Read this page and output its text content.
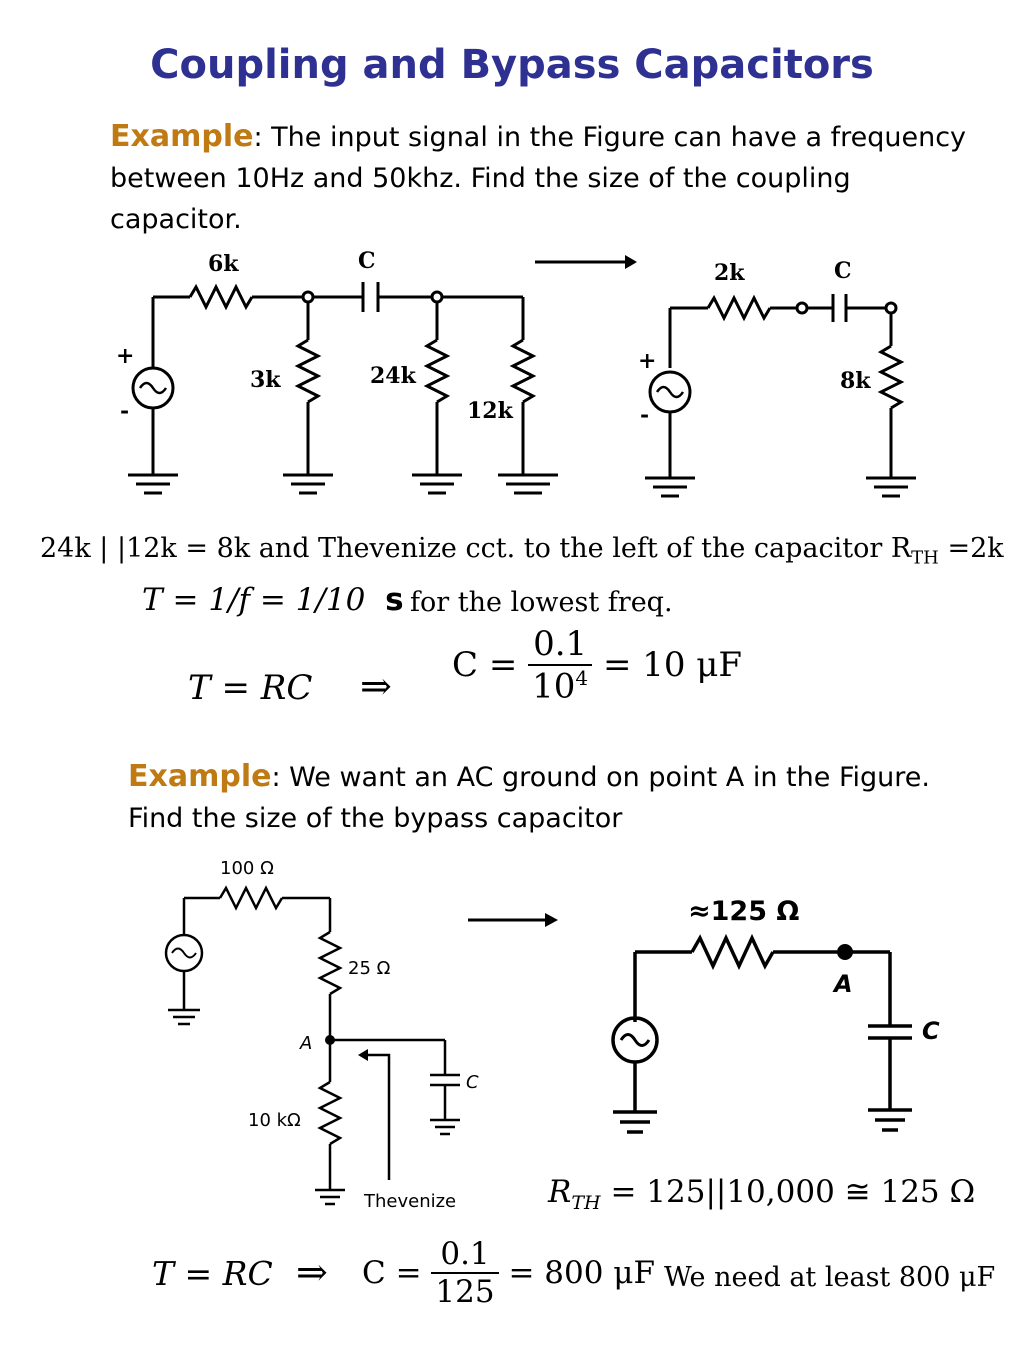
Coupling and Bypass Capacitors
Example: The input signal in the Figure can have a frequency between 10Hz and 50khz. Find the size of the coupling capacitor.
6k	C
3k	24k
12k
+
-
2k	C
8k
+
-
24k | |12k = 8k and Thevenize cct. to the left of the capacitor $R_{TH} =2k$
T = 1/f = 1/10 s for the lowest freq.
T = RC ⇒ $C = \frac{0.1}{10^4} = 10$ μF
Example: We want an AC ground on point A in the Figure.   Find the size of the bypass capacitor
100 Ω
25 Ω
A
10 kΩ
C
Thevenize
≈125 Ω
A
C
$R_{TH} = 125||10,000$ ≅ 125 Ω
T = RC ⇒ $C = \frac{0.1}{125} = 800$ μF We need at least 800 μF
